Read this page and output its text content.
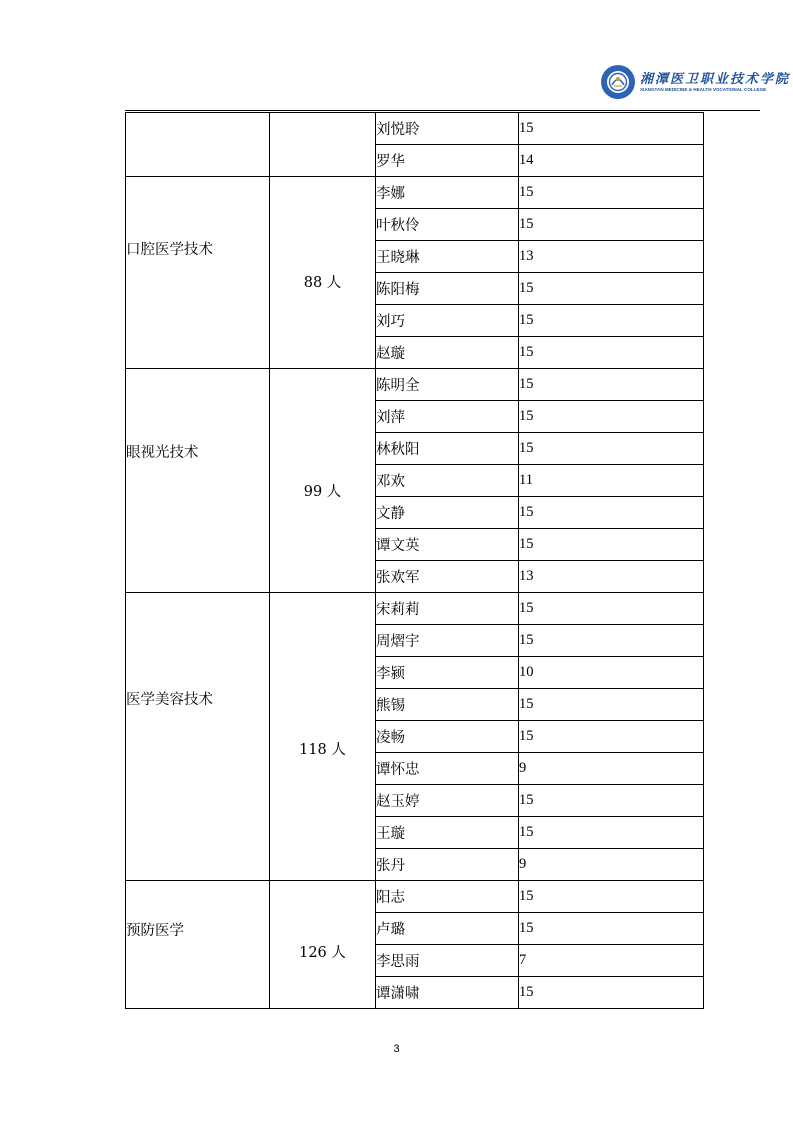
湘潭医卫职业技术学院
XIANGTAN MEDICINE & HEALTH VOCATIONAL COLLEGE
		刘悦聆	15
		罗华	14

口腔医学技术	88 人	李娜	15
		叶秋伶	15
		王晓琳	13
		陈阳梅	15
		刘巧	15
		赵璇	15

眼视光技术	99 人	陈明全	15
		刘萍	15
		林秋阳	15
		邓欢	11
		文静	15
		谭文英	15
		张欢军	13

医学美容技术	118 人	宋莉莉	15
		周熠宇	15
		李颍	10
		熊锡	15
		凌畅	15
		谭怀忠	9
		赵玉婷	15
		王璇	15
		张丹	9

预防医学	126 人	阳志	15
		卢璐	15
		李思雨	7
		谭潇啸	15
3
